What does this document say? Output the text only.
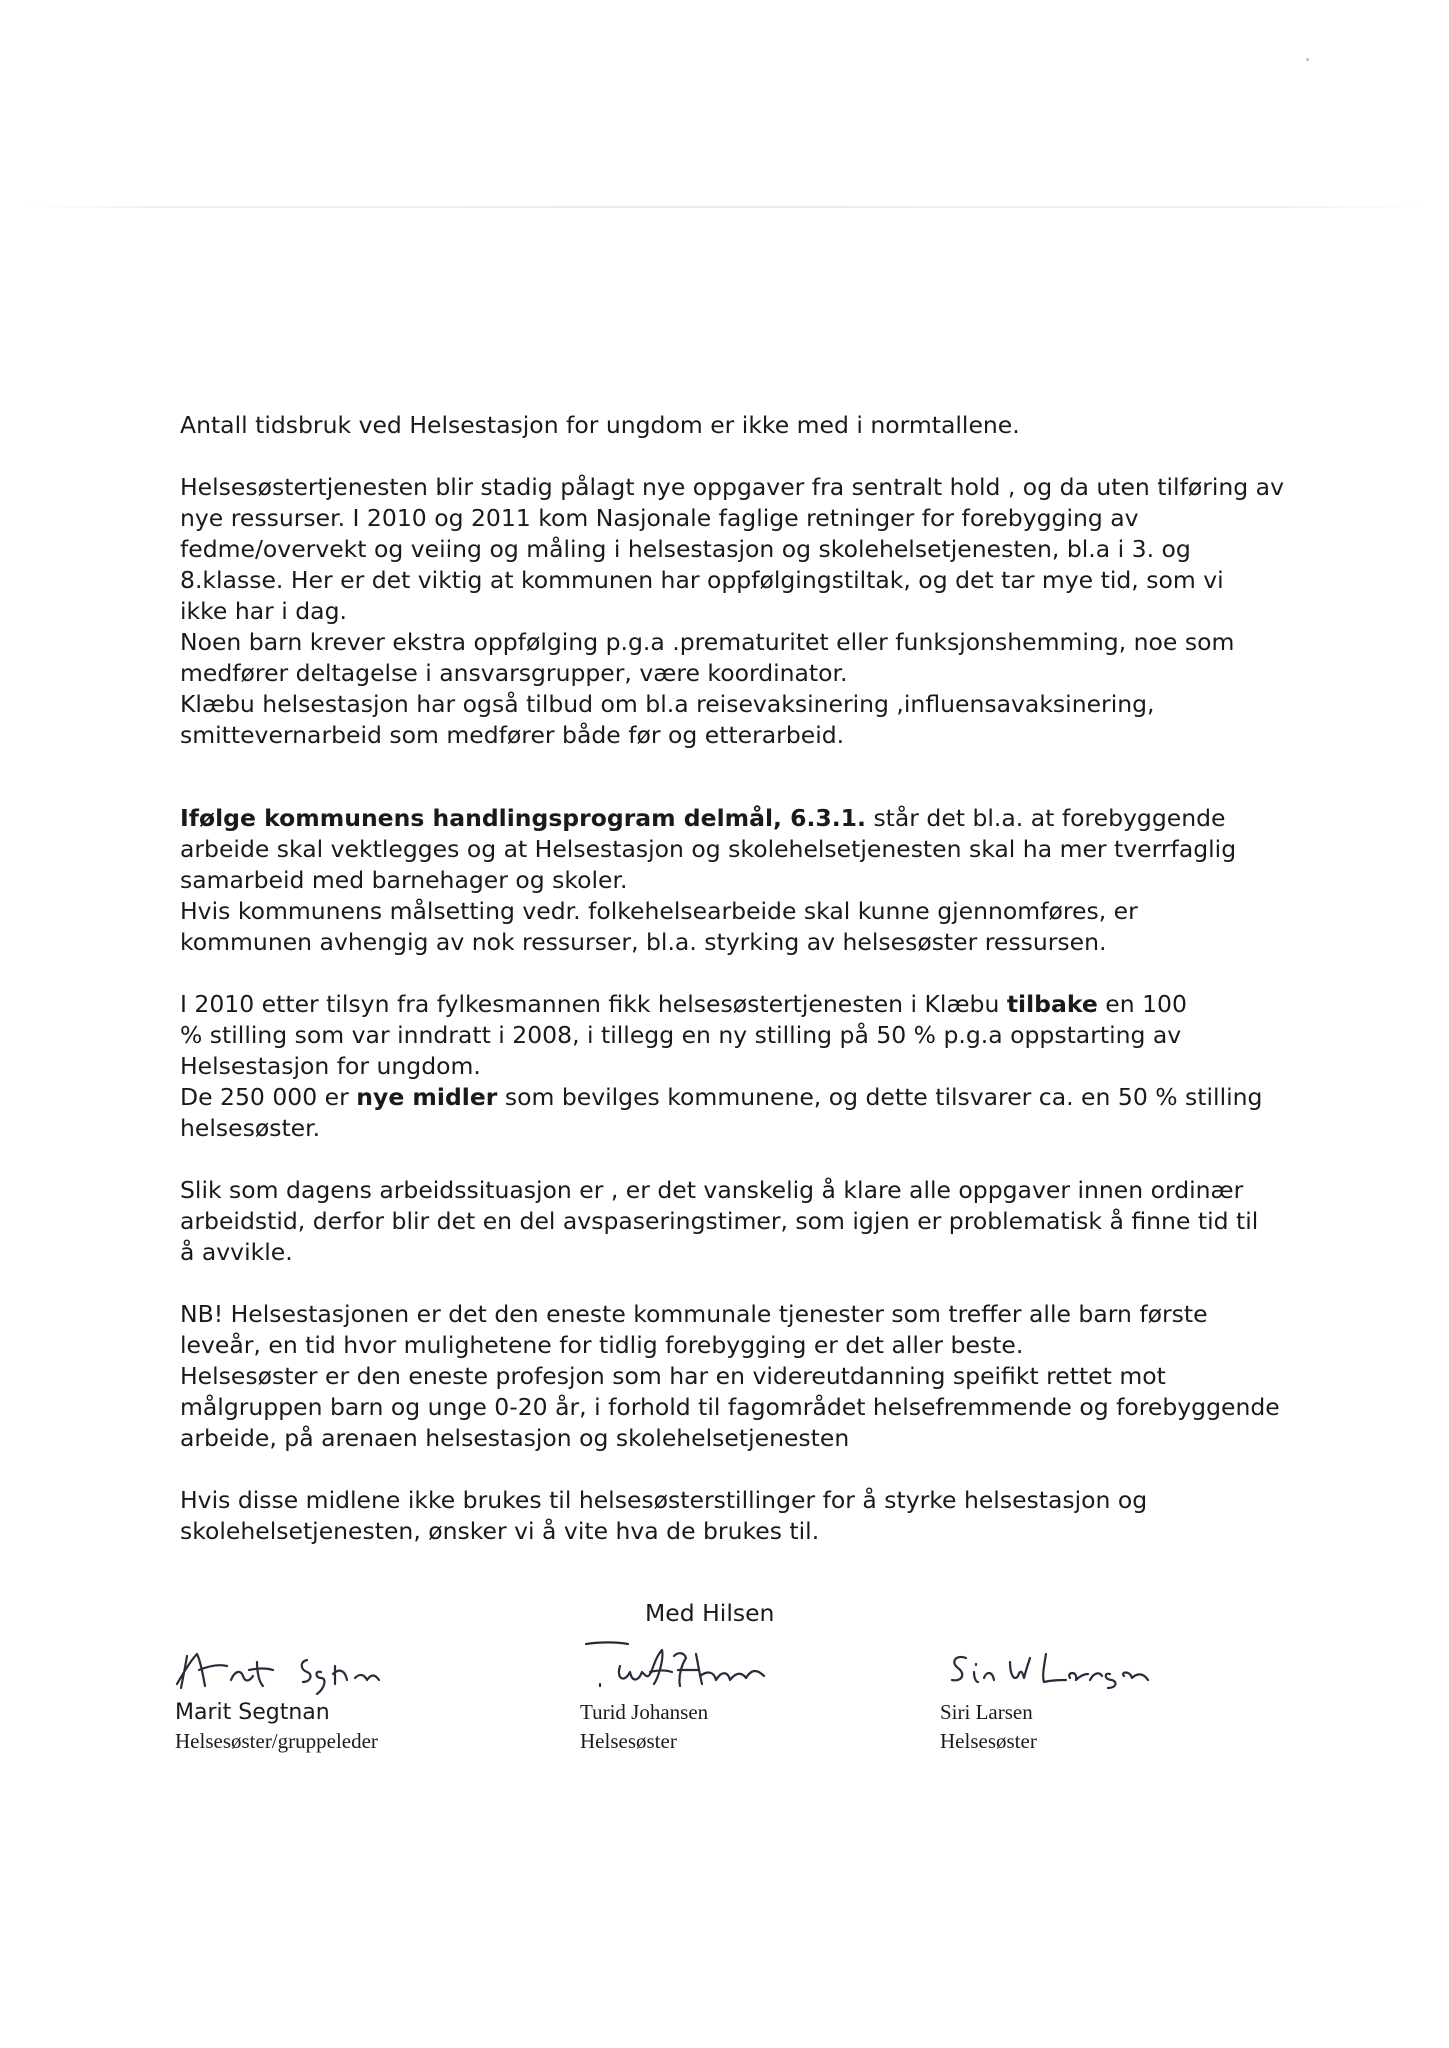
Antall tidsbruk ved Helsestasjon for ungdom er ikke med i normtallene.

Helsesøstertjenesten blir stadig pålagt nye oppgaver fra sentralt hold , og da uten tilføring av
nye ressurser. I 2010 og 2011 kom Nasjonale faglige retninger for forebygging av
fedme/overvekt og veiing og måling i helsestasjon og skolehelsetjenesten, bl.a i 3. og
8.klasse. Her er det viktig at kommunen har oppfølgingstiltak, og det tar mye tid, som vi
ikke har i dag.
Noen barn krever ekstra oppfølging p.g.a .prematuritet eller funksjonshemming, noe som
medfører deltagelse i ansvarsgrupper, være koordinator.
Klæbu helsestasjon har også tilbud om bl.a reisevaksinering ,influensavaksinering,
smittevernarbeid som medfører både før og etterarbeid.

Ifølge kommunens handlingsprogram delmål, 6.3.1. står det bl.a. at forebyggende
arbeide skal vektlegges og at Helsestasjon og skolehelsetjenesten skal ha mer tverrfaglig
samarbeid med barnehager og skoler.
Hvis kommunens målsetting vedr. folkehelsearbeide skal kunne gjennomføres, er
kommunen avhengig av nok ressurser, bl.a. styrking av helsesøster ressursen.

I 2010 etter tilsyn fra fylkesmannen fikk helsesøstertjenesten i Klæbu tilbake en 100
% stilling som var inndratt i 2008, i tillegg en ny stilling på 50 % p.g.a oppstarting av
Helsestasjon for ungdom.
De 250 000 er nye midler som bevilges kommunene, og dette tilsvarer ca. en 50 % stilling
helsesøster.

Slik som dagens arbeidssituasjon er , er det vanskelig å klare alle oppgaver innen ordinær
arbeidstid, derfor blir det en del avspaseringstimer, som igjen er problematisk å finne tid til
å avvikle.

NB! Helsestasjonen er det den eneste kommunale tjenester som treffer alle barn første
leveår, en tid hvor mulighetene for tidlig forebygging er det aller beste.
Helsesøster er den eneste profesjon som har en videreutdanning speifikt rettet mot
målgruppen barn og unge 0-20 år, i forhold til fagområdet helsefremmende og forebyggende
arbeide, på arenaen helsestasjon og skolehelsetjenesten

Hvis disse midlene ikke brukes til helsesøsterstillinger for å styrke helsestasjon og
skolehelsetjenesten, ønsker vi å vite hva de brukes til.

Med Hilsen
Marit Segtnan
Helsesøster/gruppeleder
Turid Johansen
Helsesøster
Siri Larsen
Helsesøster
